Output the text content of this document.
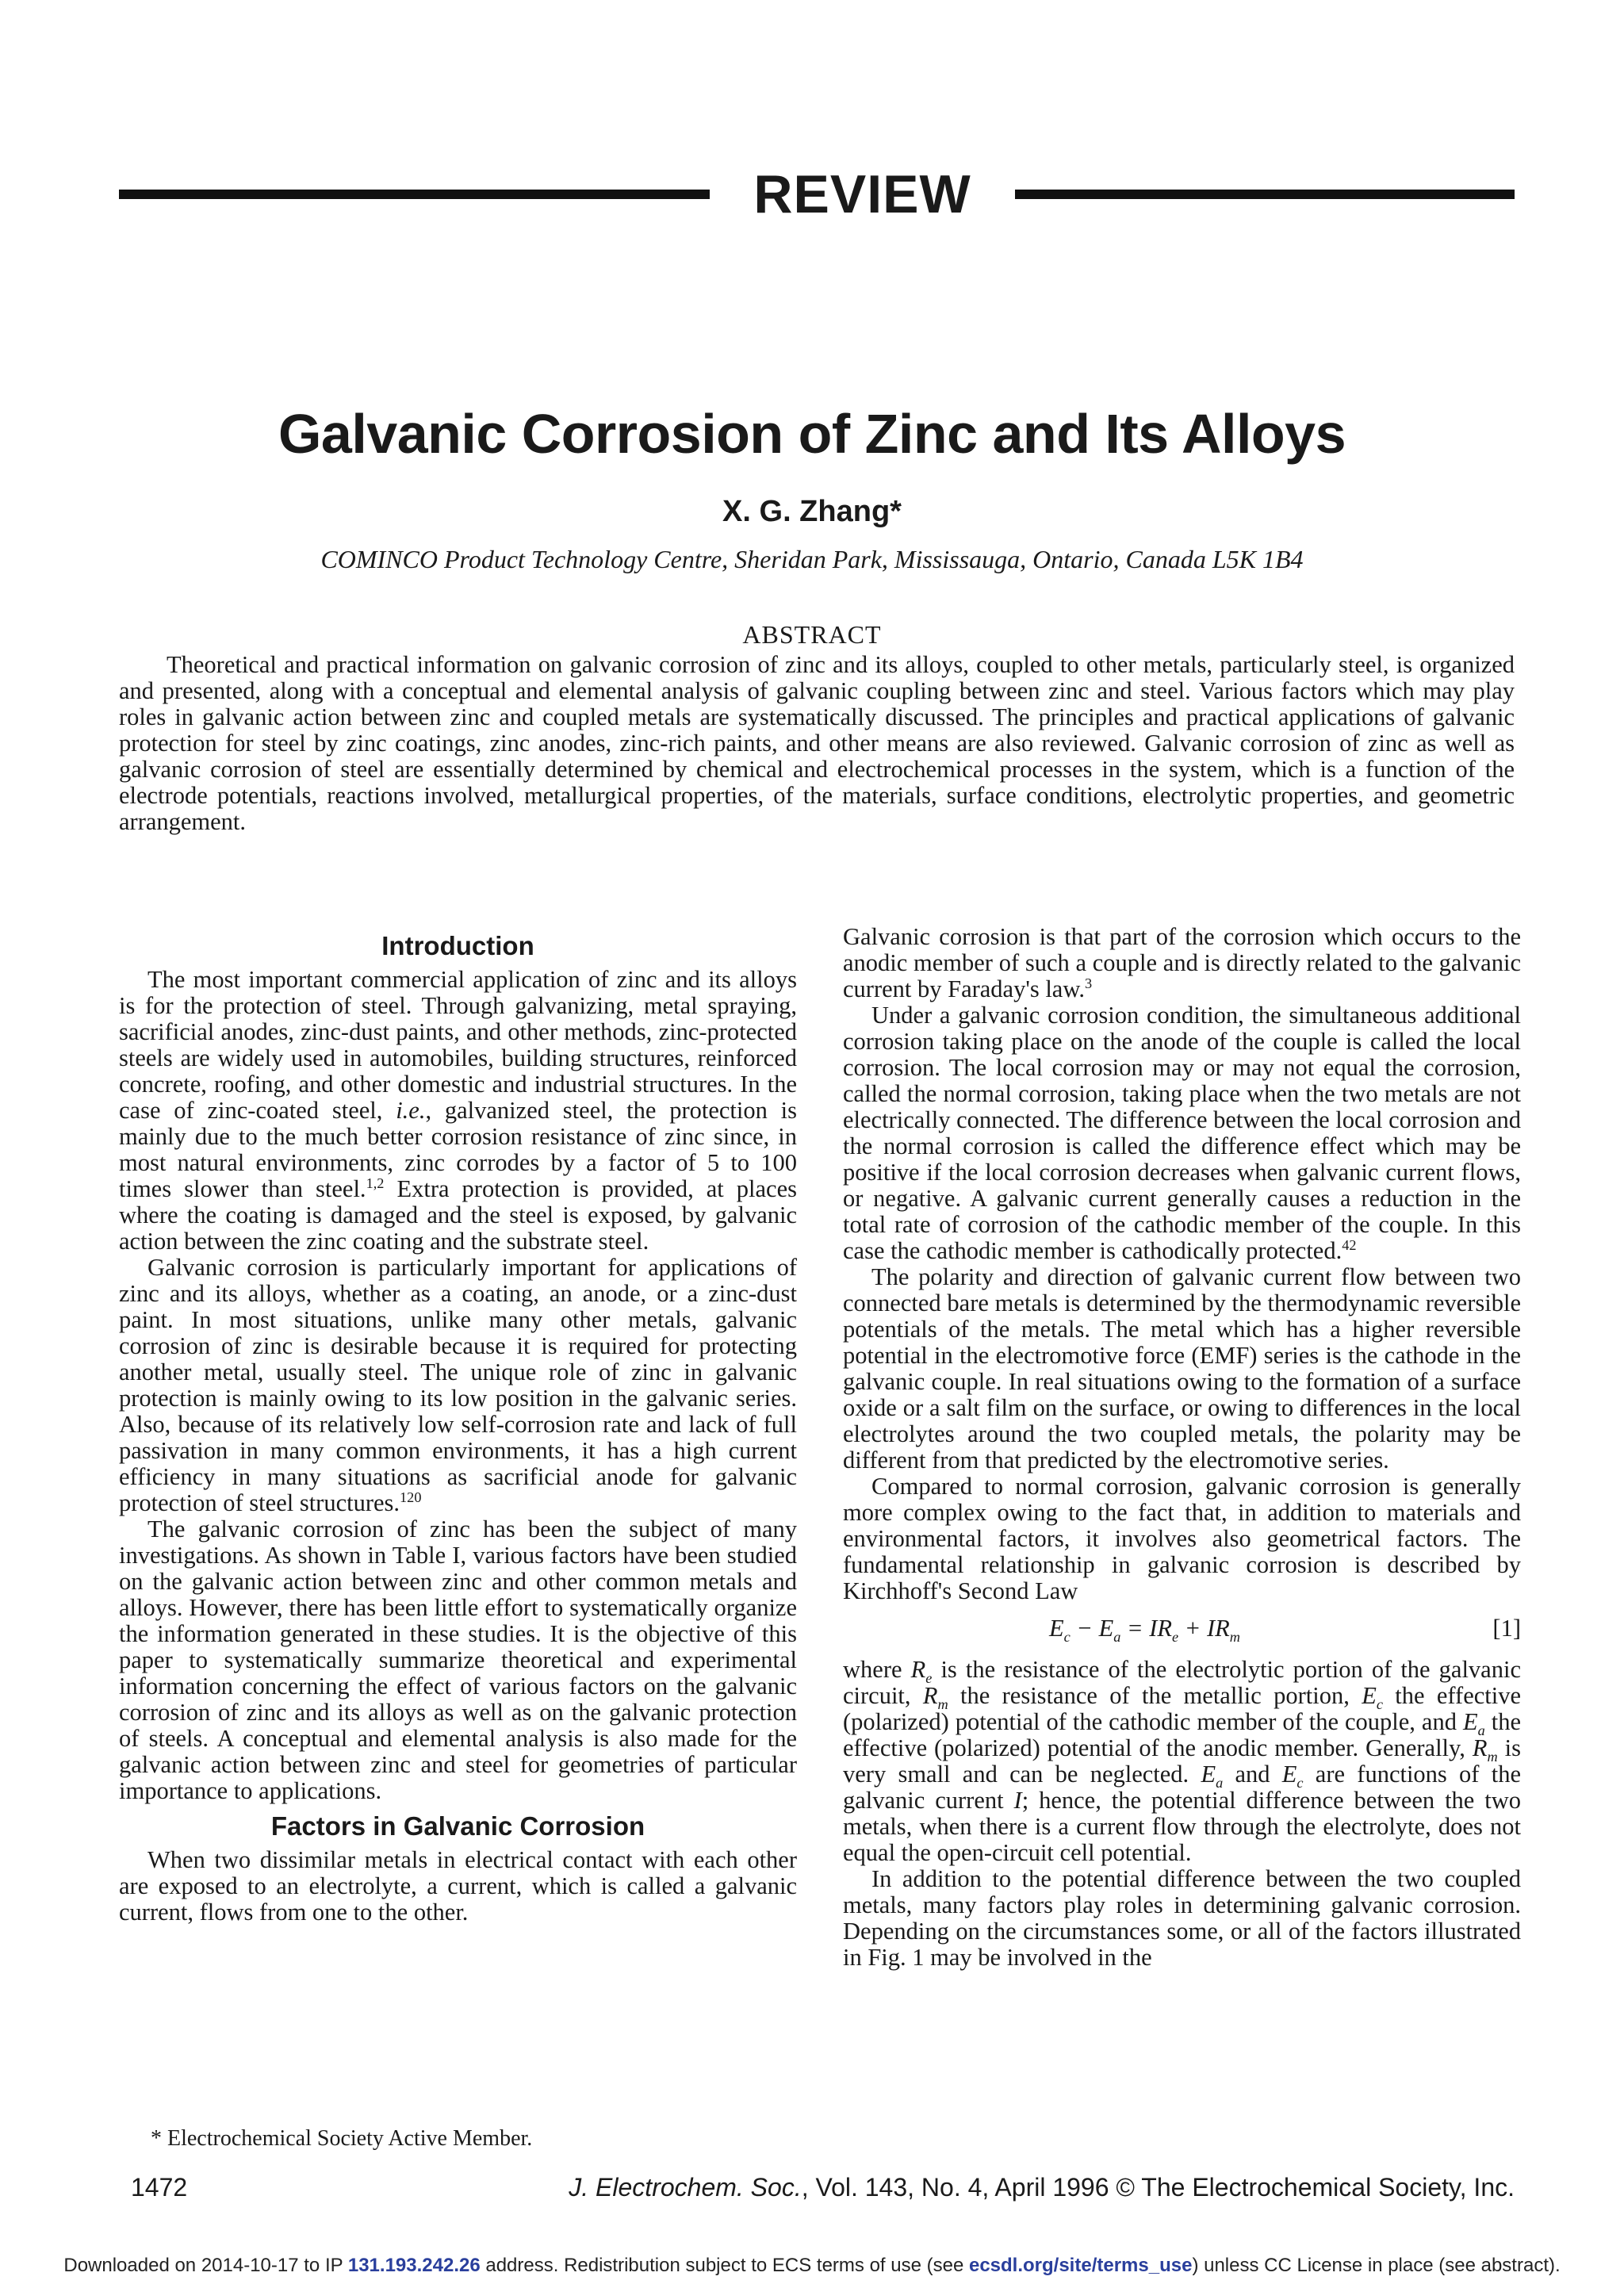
REVIEW
Galvanic Corrosion of Zinc and Its Alloys
X. G. Zhang*
COMINCO Product Technology Centre, Sheridan Park, Mississauga, Ontario, Canada L5K 1B4
ABSTRACT
Theoretical and practical information on galvanic corrosion of zinc and its alloys, coupled to other metals, particularly steel, is organized and presented, along with a conceptual and elemental analysis of galvanic coupling between zinc and steel. Various factors which may play roles in galvanic action between zinc and coupled metals are systematically discussed. The principles and practical applications of galvanic protection for steel by zinc coatings, zinc anodes, zinc-rich paints, and other means are also reviewed. Galvanic corrosion of zinc as well as galvanic corrosion of steel are essentially determined by chemical and electrochemical processes in the system, which is a function of the electrode potentials, reactions involved, metallurgical properties, of the materials, surface conditions, electrolytic properties, and geometric arrangement.
Introduction

The most important commercial application of zinc and its alloys is for the protection of steel. Through galvanizing, metal spraying, sacrificial anodes, zinc-dust paints, and other methods, zinc-protected steels are widely used in automobiles, building structures, reinforced concrete, roofing, and other domestic and industrial structures. In the case of zinc-coated steel, i.e., galvanized steel, the protection is mainly due to the much better corrosion resistance of zinc since, in most natural environments, zinc corrodes by a factor of 5 to 100 times slower than steel.$^{1,2}$ Extra protection is provided, at places where the coating is damaged and the steel is exposed, by galvanic action between the zinc coating and the substrate steel.

Galvanic corrosion is particularly important for applications of zinc and its alloys, whether as a coating, an anode, or a zinc-dust paint. In most situations, unlike many other metals, galvanic corrosion of zinc is desirable because it is required for protecting another metal, usually steel. The unique role of zinc in galvanic protection is mainly owing to its low position in the galvanic series. Also, because of its relatively low self-corrosion rate and lack of full passivation in many common environments, it has a high current efficiency in many situations as sacrificial anode for galvanic protection of steel structures.$^{120}$

The galvanic corrosion of zinc has been the subject of many investigations. As shown in Table I, various factors have been studied on the galvanic action between zinc and other common metals and alloys. However, there has been little effort to systematically organize the information generated in these studies. It is the objective of this paper to systematically summarize theoretical and experimental information concerning the effect of various factors on the galvanic corrosion of zinc and its alloys as well as on the galvanic protection of steels. A conceptual and elemental analysis is also made for the galvanic action between zinc and steel for geometries of particular importance to applications.

Factors in Galvanic Corrosion

When two dissimilar metals in electrical contact with each other are exposed to an electrolyte, a current, which is called a galvanic current, flows from one to the other.

Galvanic corrosion is that part of the corrosion which occurs to the anodic member of such a couple and is directly related to the galvanic current by Faraday's law.$^3$

Under a galvanic corrosion condition, the simultaneous additional corrosion taking place on the anode of the couple is called the local corrosion. The local corrosion may or may not equal the corrosion, called the normal corrosion, taking place when the two metals are not electrically connected. The difference between the local corrosion and the normal corrosion is called the difference effect which may be positive if the local corrosion decreases when galvanic current flows, or negative. A galvanic current generally causes a reduction in the total rate of corrosion of the cathodic member of the couple. In this case the cathodic member is cathodically protected.$^{42}$

The polarity and direction of galvanic current flow between two connected bare metals is determined by the thermodynamic reversible potentials of the metals. The metal which has a higher reversible potential in the electromotive force (EMF) series is the cathode in the galvanic couple. In real situations owing to the formation of a surface oxide or a salt film on the surface, or owing to differences in the local electrolytes around the two coupled metals, the polarity may be different from that predicted by the electromotive series.

Compared to normal corrosion, galvanic corrosion is generally more complex owing to the fact that, in addition to materials and environmental factors, it involves also geometrical factors. The fundamental relationship in galvanic corrosion is described by Kirchhoff's Second Law

$E_c - E_a = IR_e + IR_m$	[1]

where $R_e$ is the resistance of the electrolytic portion of the galvanic circuit, $R_m$ the resistance of the metallic portion, $E_c$ the effective (polarized) potential of the cathodic member of the couple, and $E_a$ the effective (polarized) potential of the anodic member. Generally, $R_m$ is very small and can be neglected. $E_a$ and $E_c$ are functions of the galvanic current I; hence, the potential difference between the two metals, when there is a current flow through the electrolyte, does not equal the open-circuit cell potential.

In addition to the potential difference between the two coupled metals, many factors play roles in determining galvanic corrosion. Depending on the circumstances some, or all of the factors illustrated in Fig. 1 may be involved in the

* Electrochemical Society Active Member.
1472	J. Electrochem. Soc., Vol. 143, No. 4, April 1996 © The Electrochemical Society, Inc.
Downloaded on 2014-10-17 to IP 131.193.242.26 address. Redistribution subject to ECS terms of use (see ecsdl.org/site/terms_use) unless CC License in place (see abstract).
